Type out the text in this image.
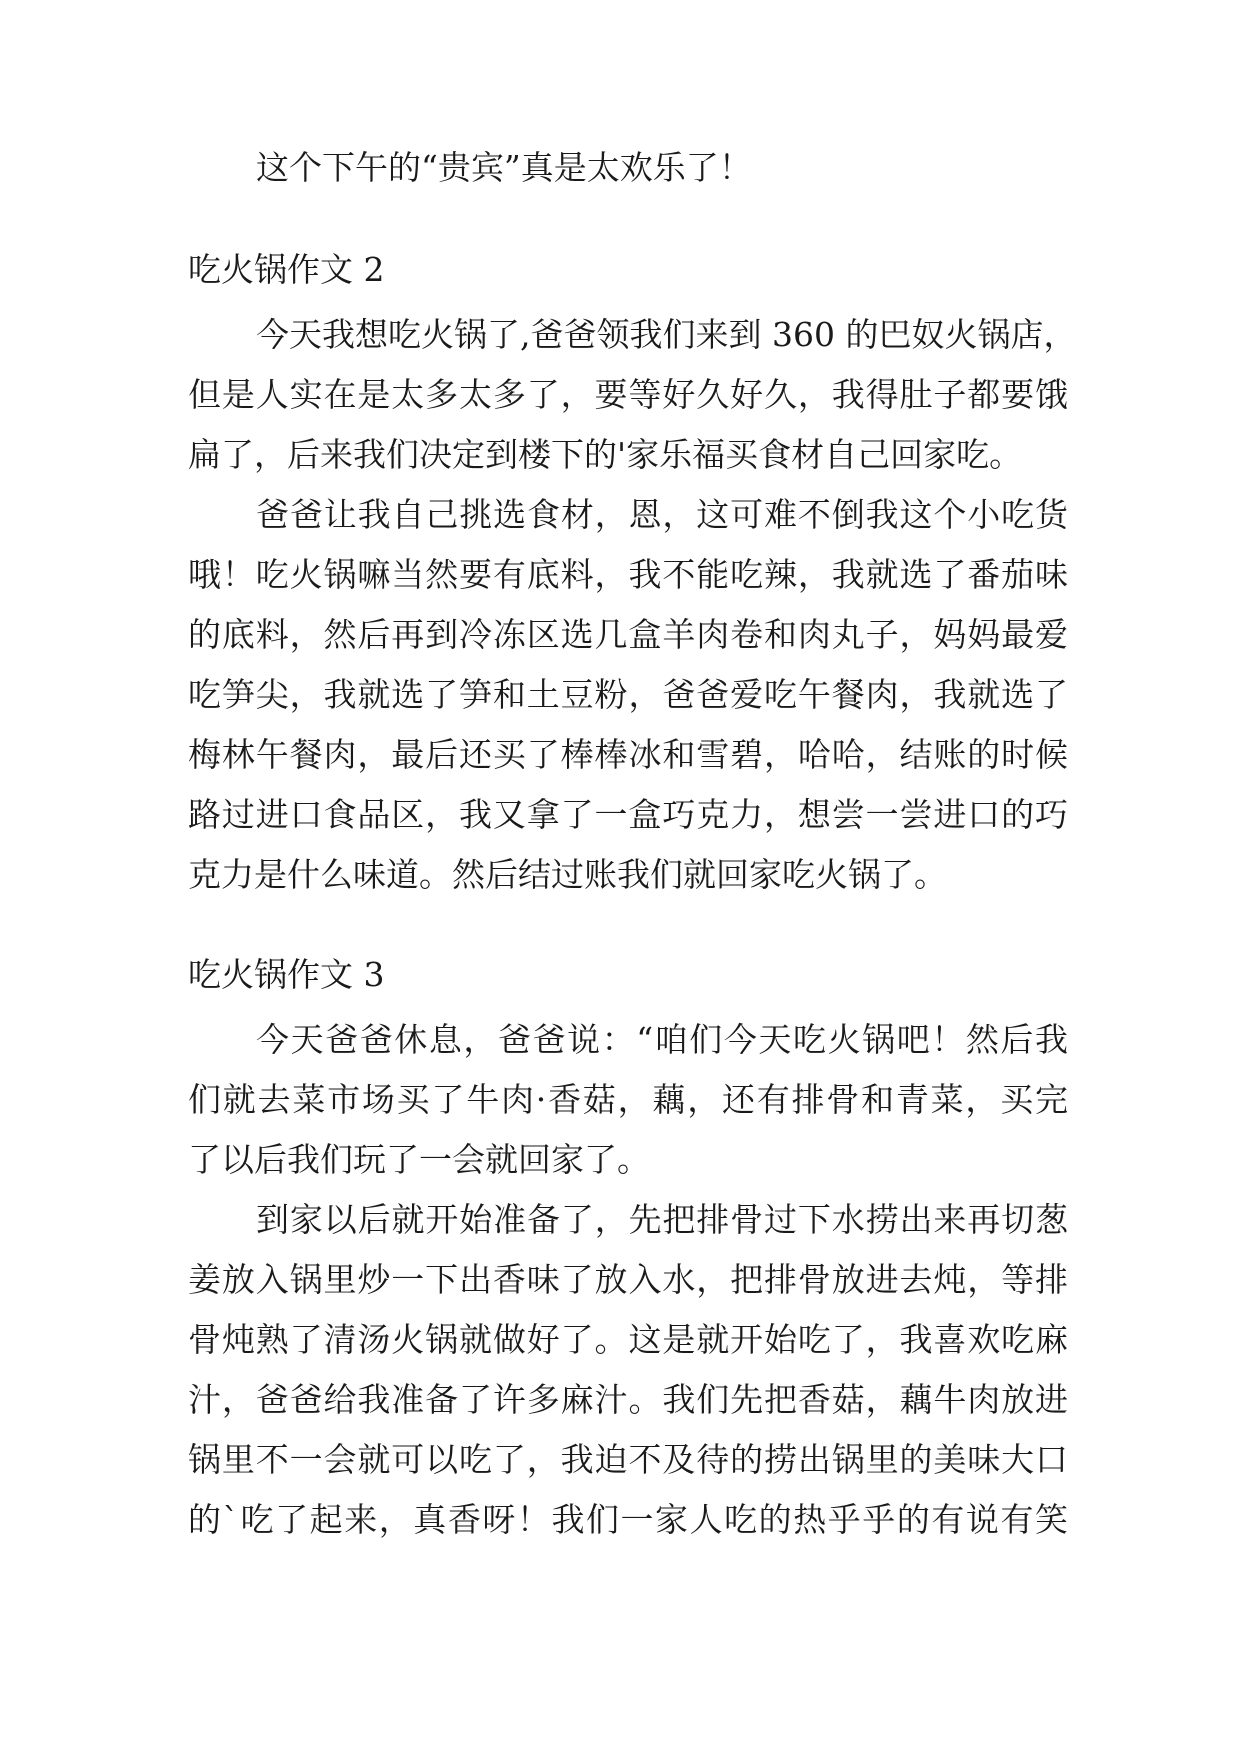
这个下午的“贵宾”真是太欢乐了！
吃火锅作文 2
今天我想吃火锅了,爸爸领我们来到 360 的巴奴火锅店，
但是人实在是太多太多了，要等好久好久，我得肚子都要饿
扁了，后来我们决定到楼下的'家乐福买食材自己回家吃。
爸爸让我自己挑选食材，恩，这可难不倒我这个小吃货
哦！吃火锅嘛当然要有底料，我不能吃辣，我就选了番茄味
的底料，然后再到冷冻区选几盒羊肉卷和肉丸子，妈妈最爱
吃笋尖，我就选了笋和土豆粉，爸爸爱吃午餐肉，我就选了
梅林午餐肉，最后还买了棒棒冰和雪碧，哈哈，结账的时候
路过进口食品区，我又拿了一盒巧克力，想尝一尝进口的巧
克力是什么味道。然后结过账我们就回家吃火锅了。
吃火锅作文 3
今天爸爸休息，爸爸说：“咱们今天吃火锅吧！然后我
们就去菜市场买了牛肉·香菇，藕，还有排骨和青菜，买完
了以后我们玩了一会就回家了。
到家以后就开始准备了，先把排骨过下水捞出来再切葱
姜放入锅里炒一下出香味了放入水，把排骨放进去炖，等排
骨炖熟了清汤火锅就做好了。这是就开始吃了，我喜欢吃麻
汁，爸爸给我准备了许多麻汁。我们先把香菇，藕牛肉放进
锅里不一会就可以吃了，我迫不及待的捞出锅里的美味大口
的`吃了起来，真香呀！我们一家人吃的热乎乎的有说有笑
